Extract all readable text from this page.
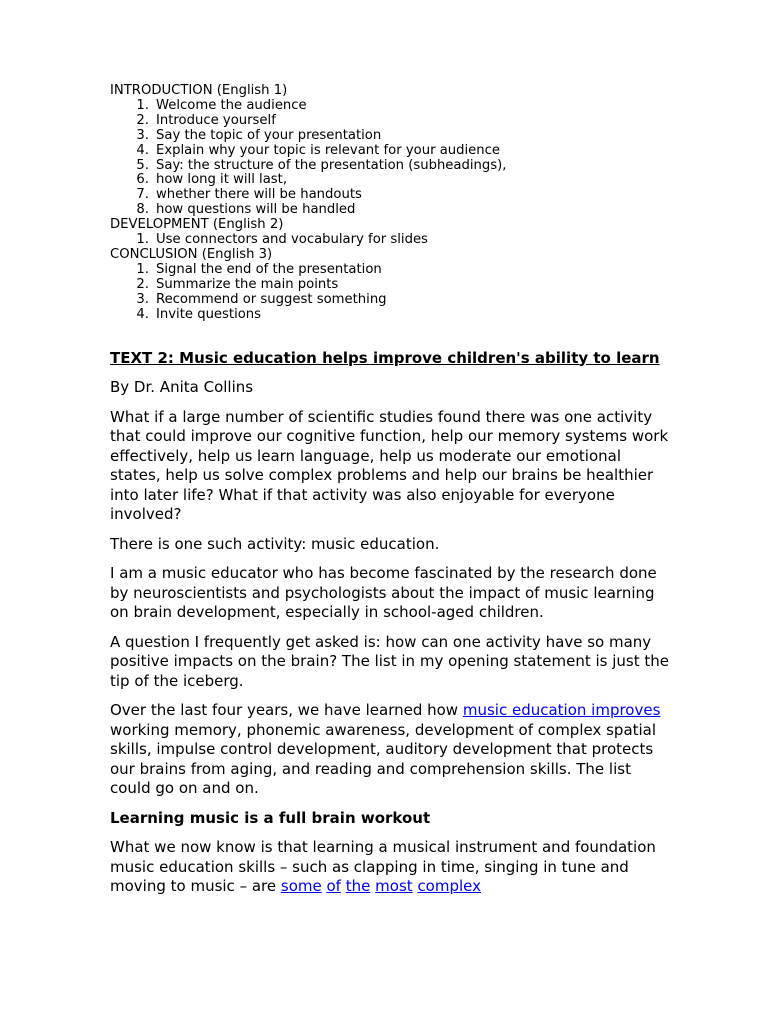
INTRODUCTION (English 1)

1. Welcome the audience
2. Introduce yourself
3. Say the topic of your presentation
4. Explain why your topic is relevant for your audience
5. Say: the structure of the presentation (subheadings),
6. how long it will last,
7. whether there will be handouts
8. how questions will be handled

DEVELOPMENT (English 2)

1. Use connectors and vocabulary for slides

CONCLUSION (English 3)

1. Signal the end of the presentation
2. Summarize the main points
3. Recommend or suggest something
4. Invite questions

TEXT 2: Music education helps improve children's ability to learn

By Dr. Anita Collins

What if a large number of scientific studies found there was one activity that could improve our cognitive function, help our memory systems work effectively, help us learn language, help us moderate our emotional states, help us solve complex problems and help our brains be healthier into later life? What if that activity was also enjoyable for everyone involved?

There is one such activity: music education.

I am a music educator who has become fascinated by the research done by neuroscientists and psychologists about the impact of music learning on brain development, especially in school-aged children.

A question I frequently get asked is: how can one activity have so many positive impacts on the brain? The list in my opening statement is just the tip of the iceberg.

Over the last four years, we have learned how music education improves working memory, phonemic awareness, development of complex spatial skills, impulse control development, auditory development that protects our brains from aging, and reading and comprehension skills. The list could go on and on.

Learning music is a full brain workout

What we now know is that learning a musical instrument and foundation music education skills – such as clapping in time, singing in tune and moving to music – are some of the most complex
